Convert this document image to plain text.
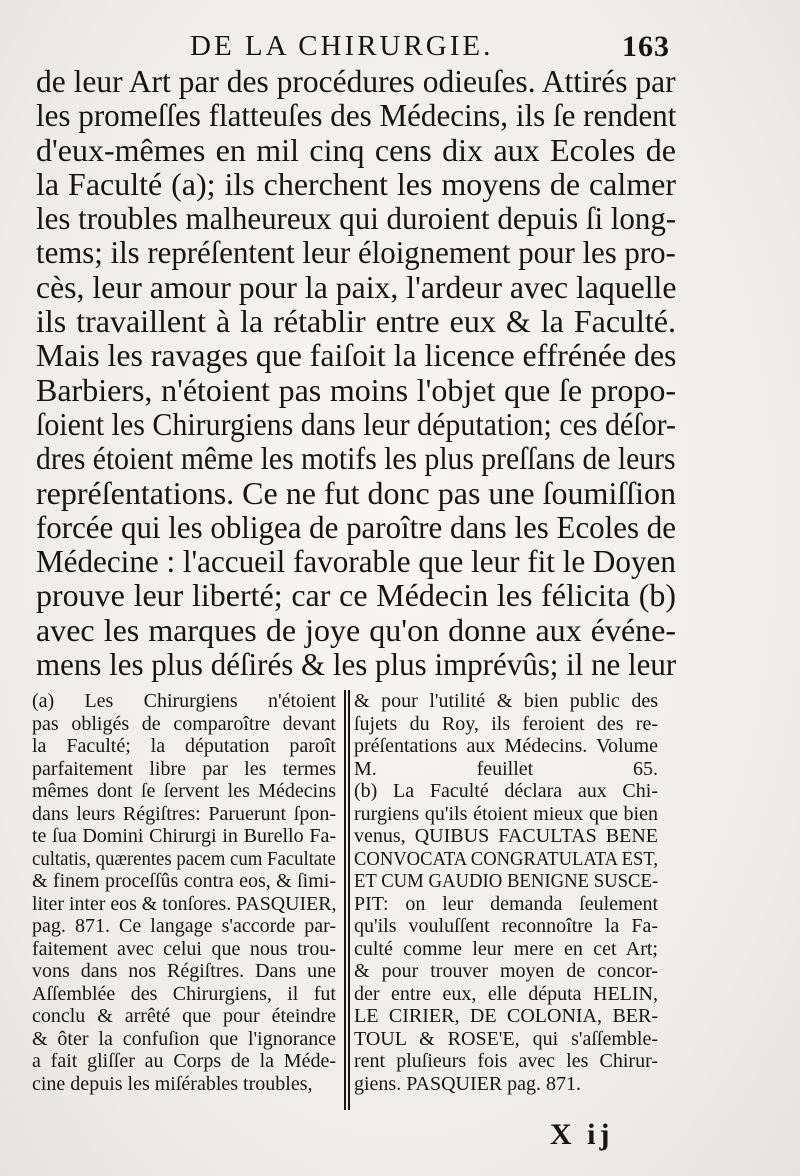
DE LA CHIRURGIE.	163
de leur Art par des procédures odieuſes. Attirés par
les promeſſes flatteuſes des Médecins, ils ſe rendent
d'eux-mêmes en mil cinq cens dix aux Ecoles de
la Faculté (a); ils cherchent les moyens de calmer
les troubles malheureux qui duroient depuis ſi long-
tems; ils repréſentent leur éloignement pour les pro-
cès, leur amour pour la paix, l'ardeur avec laquelle
ils travaillent à la rétablir entre eux & la Faculté.
Mais les ravages que faiſoit la licence effrénée des
Barbiers, n'étoient pas moins l'objet que ſe propo-
ſoient les Chirurgiens dans leur députation; ces déſor-
dres étoient même les motifs les plus preſſans de leurs
repréſentations. Ce ne fut donc pas une ſoumiſſion
forcée qui les obligea de paroître dans les Ecoles de
Médecine : l'accueil favorable que leur fit le Doyen
prouve leur liberté; car ce Médecin les félicita (b)
avec les marques de joye qu'on donne aux événe-
mens les plus déſirés & les plus imprévûs; il ne leur
(a) Les Chirurgiens n'étoient
pas obligés de comparoître devant
la Faculté; la députation paroît
parfaitement libre par les termes
mêmes dont ſe ſervent les Médecins
dans leurs Régiſtres: Paruerunt ſpon-
te ſua Domini Chirurgi in Burello Fa-
cultatis, quærentes pacem cum Facultate
& finem proceſſûs contra eos, & ſimi-
liter inter eos & tonſores. PASQUIER,
pag. 871. Ce langage s'accorde par-
faitement avec celui que nous trou-
vons dans nos Régiſtres. Dans une
Aſſemblée des Chirurgiens, il fut
conclu & arrêté que pour éteindre
& ôter la confuſion que l'ignorance
a fait gliſſer au Corps de la Méde-
cine depuis les miſérables troubles,
& pour l'utilité & bien public des
ſujets du Roy, ils feroient des re-
préſentations aux Médecins. Volume
M. feuillet 65.
(b) La Faculté déclara aux Chi-
rurgiens qu'ils étoient mieux que bien
venus, QUIBUS FACULTAS BENE
CONVOCATA CONGRATULATA EST,
ET CUM GAUDIO BENIGNE SUSCE-
PIT: on leur demanda ſeulement
qu'ils vouluſſent reconnoître la Fa-
culté comme leur mere en cet Art;
& pour trouver moyen de concor-
der entre eux, elle députa HELIN,
LE CIRIER, DE COLONIA, BER-
TOUL & ROSE'E, qui s'aſſemble-
rent pluſieurs fois avec les Chirur-
giens. PASQUIER pag. 871.
X ij
